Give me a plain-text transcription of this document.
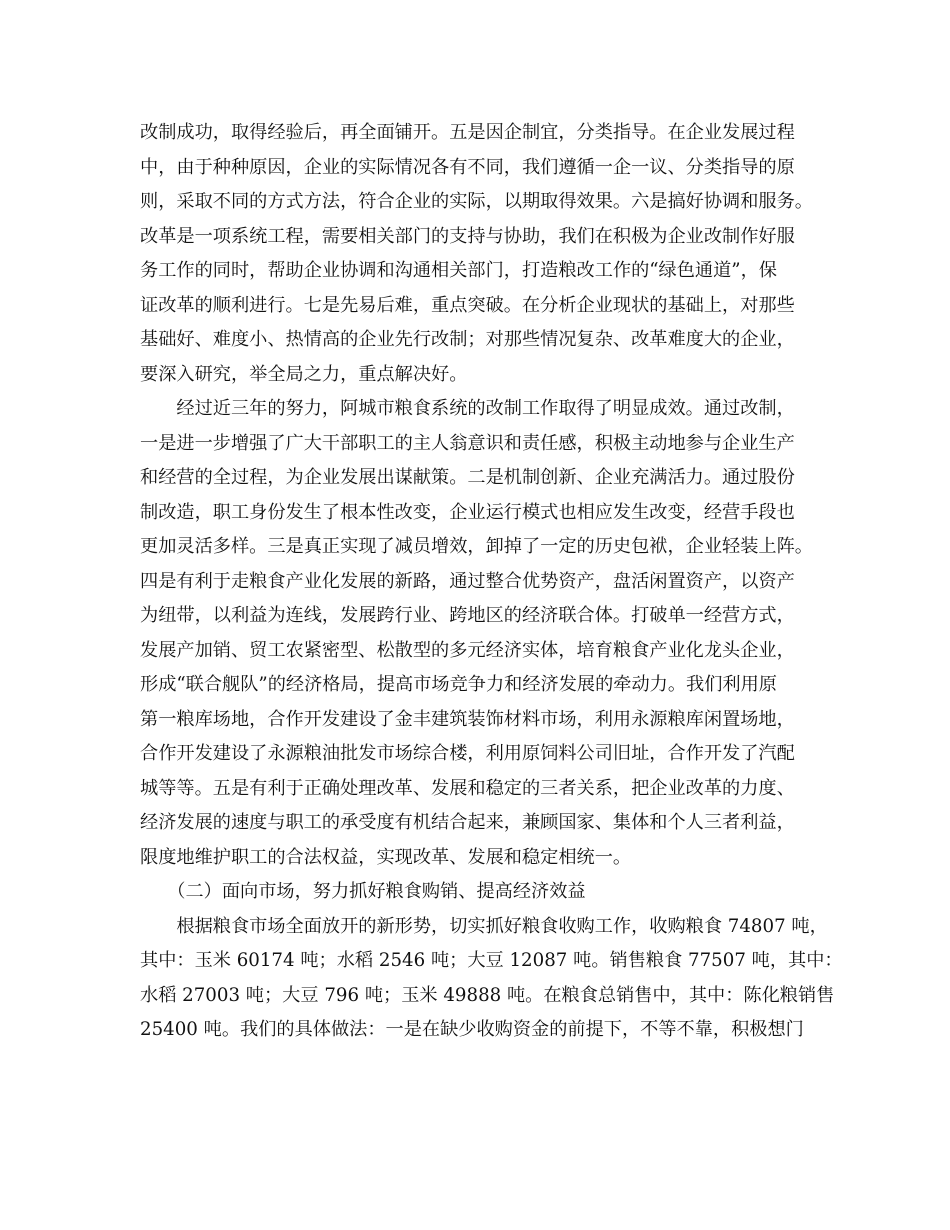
改制成功，取得经验后，再全面铺开。五是因企制宜，分类指导。在企业发展过程
中，由于种种原因，企业的实际情况各有不同，我们遵循一企一议、分类指导的原
则，采取不同的方式方法，符合企业的实际，以期取得效果。六是搞好协调和服务。
改革是一项系统工程，需要相关部门的支持与协助，我们在积极为企业改制作好服
务工作的同时，帮助企业协调和沟通相关部门，打造粮改工作的“绿色通道”，保
证改革的顺利进行。七是先易后难，重点突破。在分析企业现状的基础上，对那些
基础好、难度小、热情高的企业先行改制；对那些情况复杂、改革难度大的企业，
要深入研究，举全局之力，重点解决好。
　　经过近三年的努力，阿城市粮食系统的改制工作取得了明显成效。通过改制，
一是进一步增强了广大干部职工的主人翁意识和责任感，积极主动地参与企业生产
和经营的全过程，为企业发展出谋献策。二是机制创新、企业充满活力。通过股份
制改造，职工身份发生了根本性改变，企业运行模式也相应发生改变，经营手段也
更加灵活多样。三是真正实现了减员增效，卸掉了一定的历史包袱，企业轻装上阵。
四是有利于走粮食产业化发展的新路，通过整合优势资产，盘活闲置资产，以资产
为纽带，以利益为连线，发展跨行业、跨地区的经济联合体。打破单一经营方式，
发展产加销、贸工农紧密型、松散型的多元经济实体，培育粮食产业化龙头企业，
形成“联合舰队”的经济格局，提高市场竞争力和经济发展的牵动力。我们利用原
第一粮库场地，合作开发建设了金丰建筑装饰材料市场，利用永源粮库闲置场地，
合作开发建设了永源粮油批发市场综合楼，利用原饲料公司旧址，合作开发了汽配
城等等。五是有利于正确处理改革、发展和稳定的三者关系，把企业改革的力度、
经济发展的速度与职工的承受度有机结合起来，兼顾国家、集体和个人三者利益，
限度地维护职工的合法权益，实现改革、发展和稳定相统一。
　　（二）面向市场，努力抓好粮食购销、提高经济效益
　　根据粮食市场全面放开的新形势，切实抓好粮食收购工作，收购粮食 74807 吨，
其中：玉米 60174 吨；水稻 2546 吨；大豆 12087 吨。销售粮食 77507 吨，其中：
水稻 27003 吨；大豆 796 吨；玉米 49888 吨。在粮食总销售中，其中：陈化粮销售
25400 吨。我们的具体做法：一是在缺少收购资金的前提下，不等不靠，积极想门
